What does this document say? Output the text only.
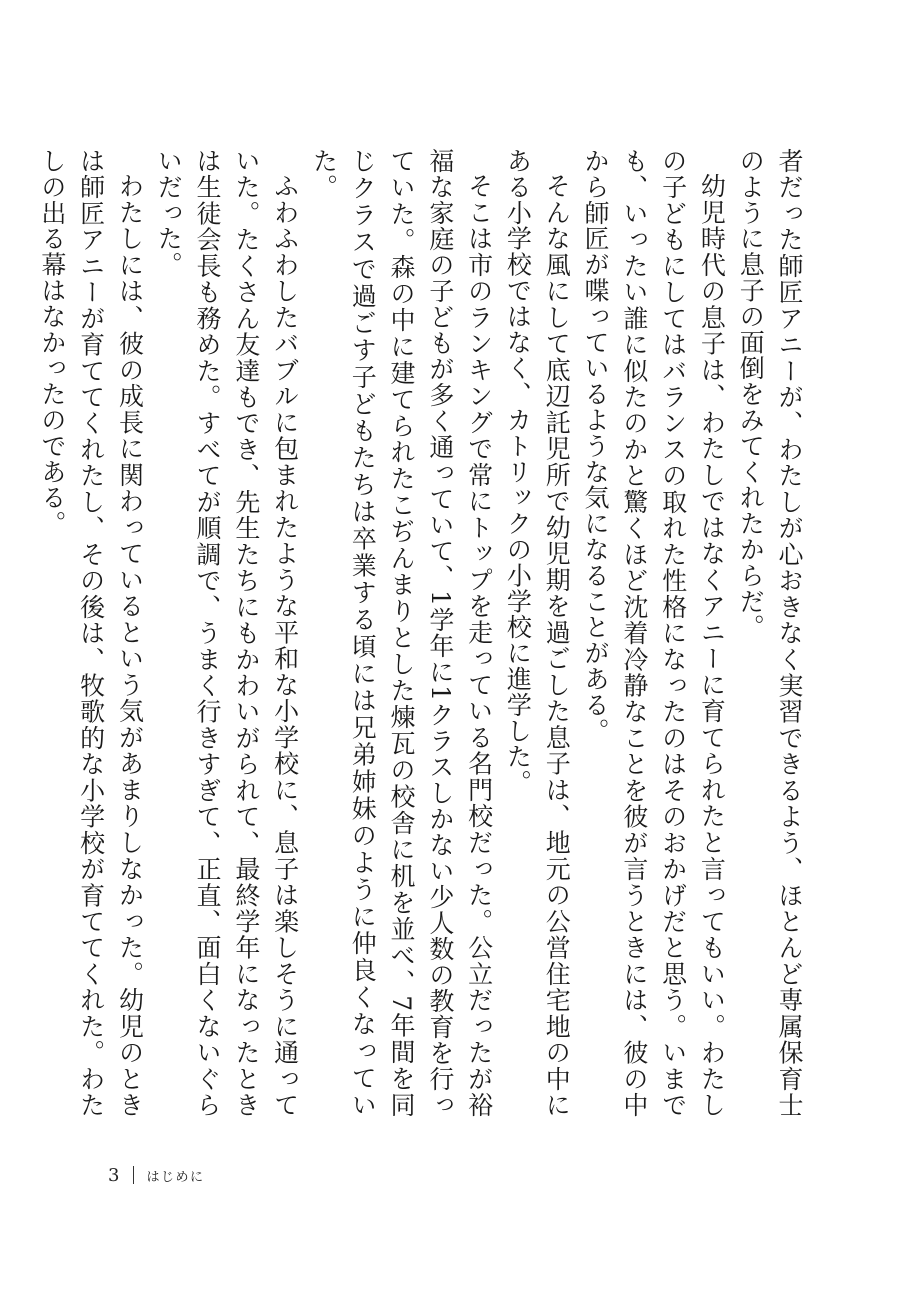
者だった師匠アニーが、わたしが心おきなく実習できるよう、ほとんど専属保育士のように息子の面倒をみてくれたからだ。

幼児時代の息子は、わたしではなくアニーに育てられたと言ってもいい。わたしの子どもにしてはバランスの取れた性格になったのはそのおかげだと思う。いまでも、いったい誰に似たのかと驚くほど沈着冷静なことを彼が言うときには、彼の中から師匠が喋っているような気になることがある。

そんな風にして底辺託児所で幼児期を過ごした息子は、地元の公営住宅地の中にある小学校ではなく、カトリックの小学校に進学した。

そこは市のランキングで常にトップを走っている名門校だった。公立だったが裕福な家庭の子どもが多く通っていて、1学年に1クラスしかない少人数の教育を行っていた。森の中に建てられたこぢんまりとした煉瓦の校舎に机を並べ、7年間を同じクラスで過ごす子どもたちは卒業する頃には兄弟姉妹のように仲良くなっていた。

ふわふわしたバブルに包まれたような平和な小学校に、息子は楽しそうに通っていた。たくさん友達もでき、先生たちにもかわいがられて、最終学年になったときは生徒会長も務めた。すべてが順調で、うまく行きすぎて、正直、面白くないぐらいだった。

わたしには、彼の成長に関わっているという気があまりしなかった。幼児のときは師匠アニーが育ててくれたし、その後は、牧歌的な小学校が育ててくれた。わたしの出る幕はなかったのである。

3 はじめに
